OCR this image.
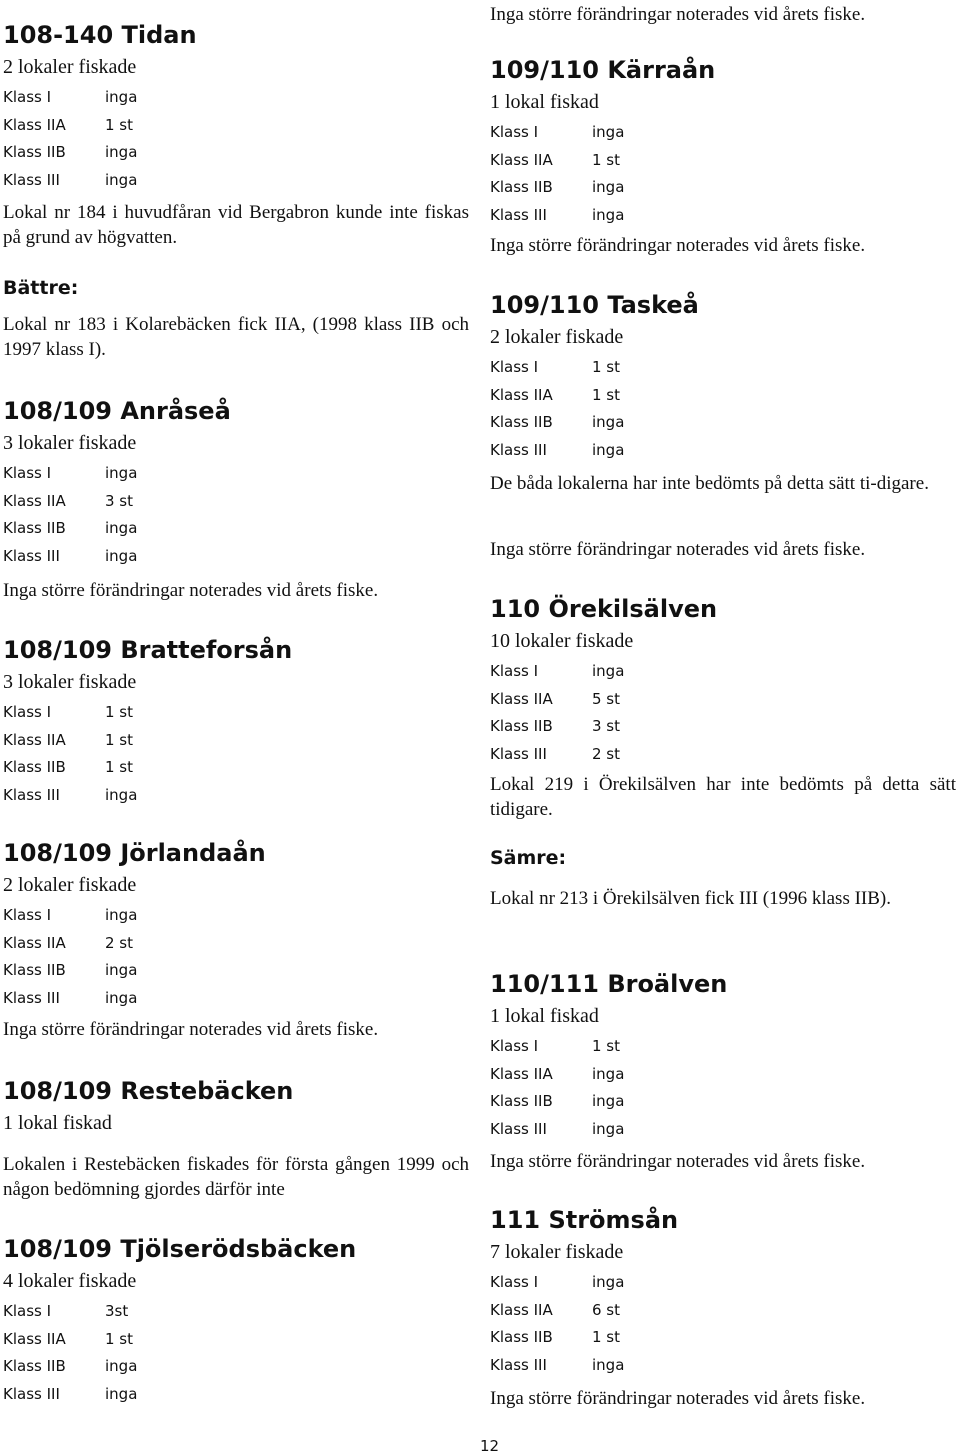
108-140 Tidan
2 lokaler fiskade
Klass I	inga
Klass IIA	1 st
Klass IIB	inga
Klass III	inga
Lokal nr 184 i huvudfåran vid Bergabron kunde inte fiskas på grund av högvatten.
Bättre:
Lokal nr 183 i Kolarebäcken fick IIA, (1998 klass IIB och 1997 klass I).
108/109 Anråseå
3 lokaler fiskade
Klass I	inga
Klass IIA	3 st
Klass IIB	inga
Klass III	inga
Inga större förändringar noterades vid årets fiske.
108/109 Bratteforsån
3 lokaler fiskade
Klass I	1 st
Klass IIA	1 st
Klass IIB	1 st
Klass III	inga
108/109 Jörlandaån
2 lokaler fiskade
Klass I	inga
Klass IIA	2 st
Klass IIB	inga
Klass III	inga
Inga större förändringar noterades vid årets fiske.
108/109 Restebäcken
1 lokal fiskad
Lokalen i Restebäcken fiskades för första gången 1999 och någon bedömning gjordes därför inte
108/109 Tjölserödsbäcken
4 lokaler fiskade
Klass I	3st
Klass IIA	1 st
Klass IIB	inga
Klass III	inga
Inga större förändringar noterades vid årets fiske.
109/110 Kärraån
1 lokal fiskad
Klass I	inga
Klass IIA	1 st
Klass IIB	inga
Klass III	inga
Inga större förändringar noterades vid årets fiske.
109/110 Taskeå
2 lokaler fiskade
Klass I	1 st
Klass IIA	1 st
Klass IIB	inga
Klass III	inga
De båda lokalerna har inte bedömts på detta sätt ti-digare.
Inga större förändringar noterades vid årets fiske.
110 Örekilsälven
10 lokaler fiskade
Klass I	inga
Klass IIA	5 st
Klass IIB	3 st
Klass III	2 st
Lokal 219 i Örekilsälven har inte bedömts på detta sätt tidigare.
Sämre:
Lokal nr 213 i Örekilsälven fick III (1996 klass IIB).
110/111 Broälven
1 lokal fiskad
Klass I	1 st
Klass IIA	inga
Klass IIB	inga
Klass III	inga
Inga större förändringar noterades vid årets fiske.
111 Strömsån
7 lokaler fiskade
Klass I	inga
Klass IIA	6 st
Klass IIB	1 st
Klass III	inga
Inga större förändringar noterades vid årets fiske.
12
